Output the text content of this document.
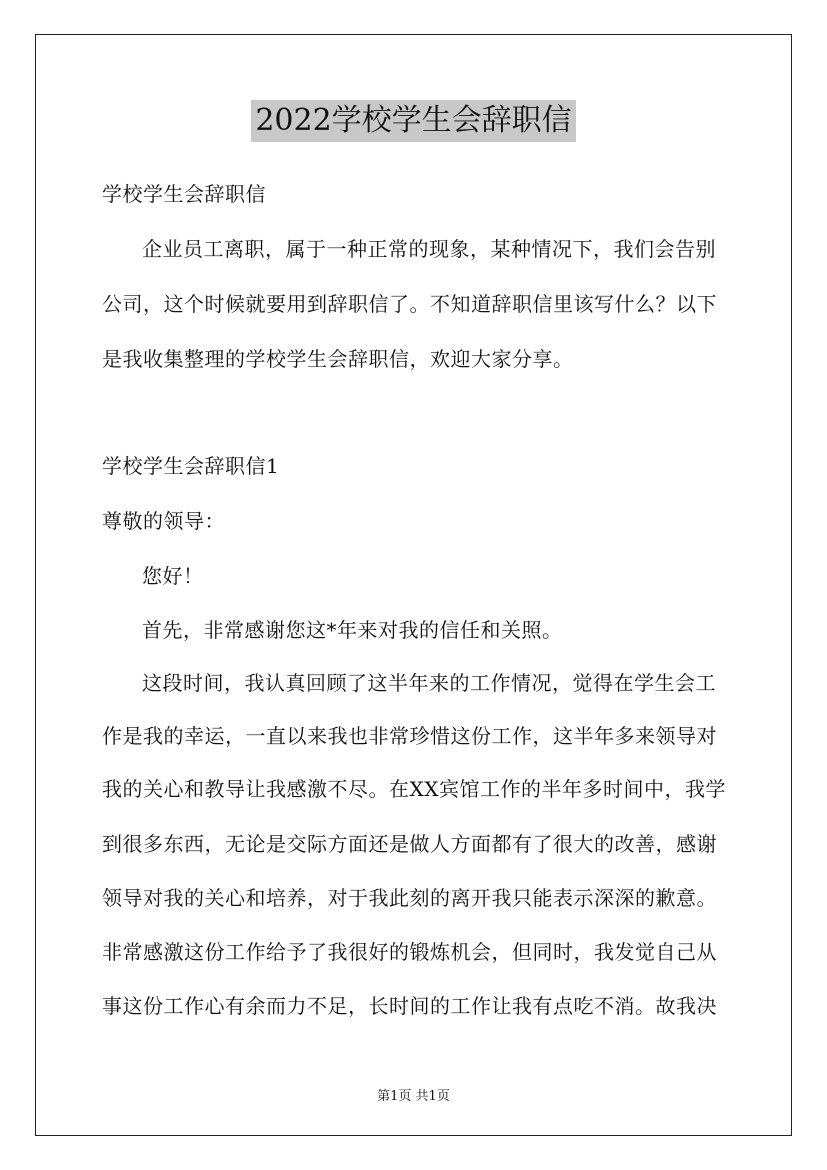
2022学校学生会辞职信
学校学生会辞职信
企业员工离职，属于一种正常的现象，某种情况下，我们会告别
公司，这个时候就要用到辞职信了。不知道辞职信里该写什么？以下
是我收集整理的学校学生会辞职信，欢迎大家分享。
学校学生会辞职信1
尊敬的领导：
您好！
首先，非常感谢您这*年来对我的信任和关照。
这段时间，我认真回顾了这半年来的工作情况，觉得在学生会工
作是我的幸运，一直以来我也非常珍惜这份工作，这半年多来领导对
我的关心和教导让我感激不尽。在XX宾馆工作的半年多时间中，我学
到很多东西，无论是交际方面还是做人方面都有了很大的改善，感谢
领导对我的关心和培养，对于我此刻的离开我只能表示深深的歉意。
非常感激这份工作给予了我很好的锻炼机会，但同时，我发觉自己从
事这份工作心有余而力不足，长时间的工作让我有点吃不消。故我决
第1页 共1页
